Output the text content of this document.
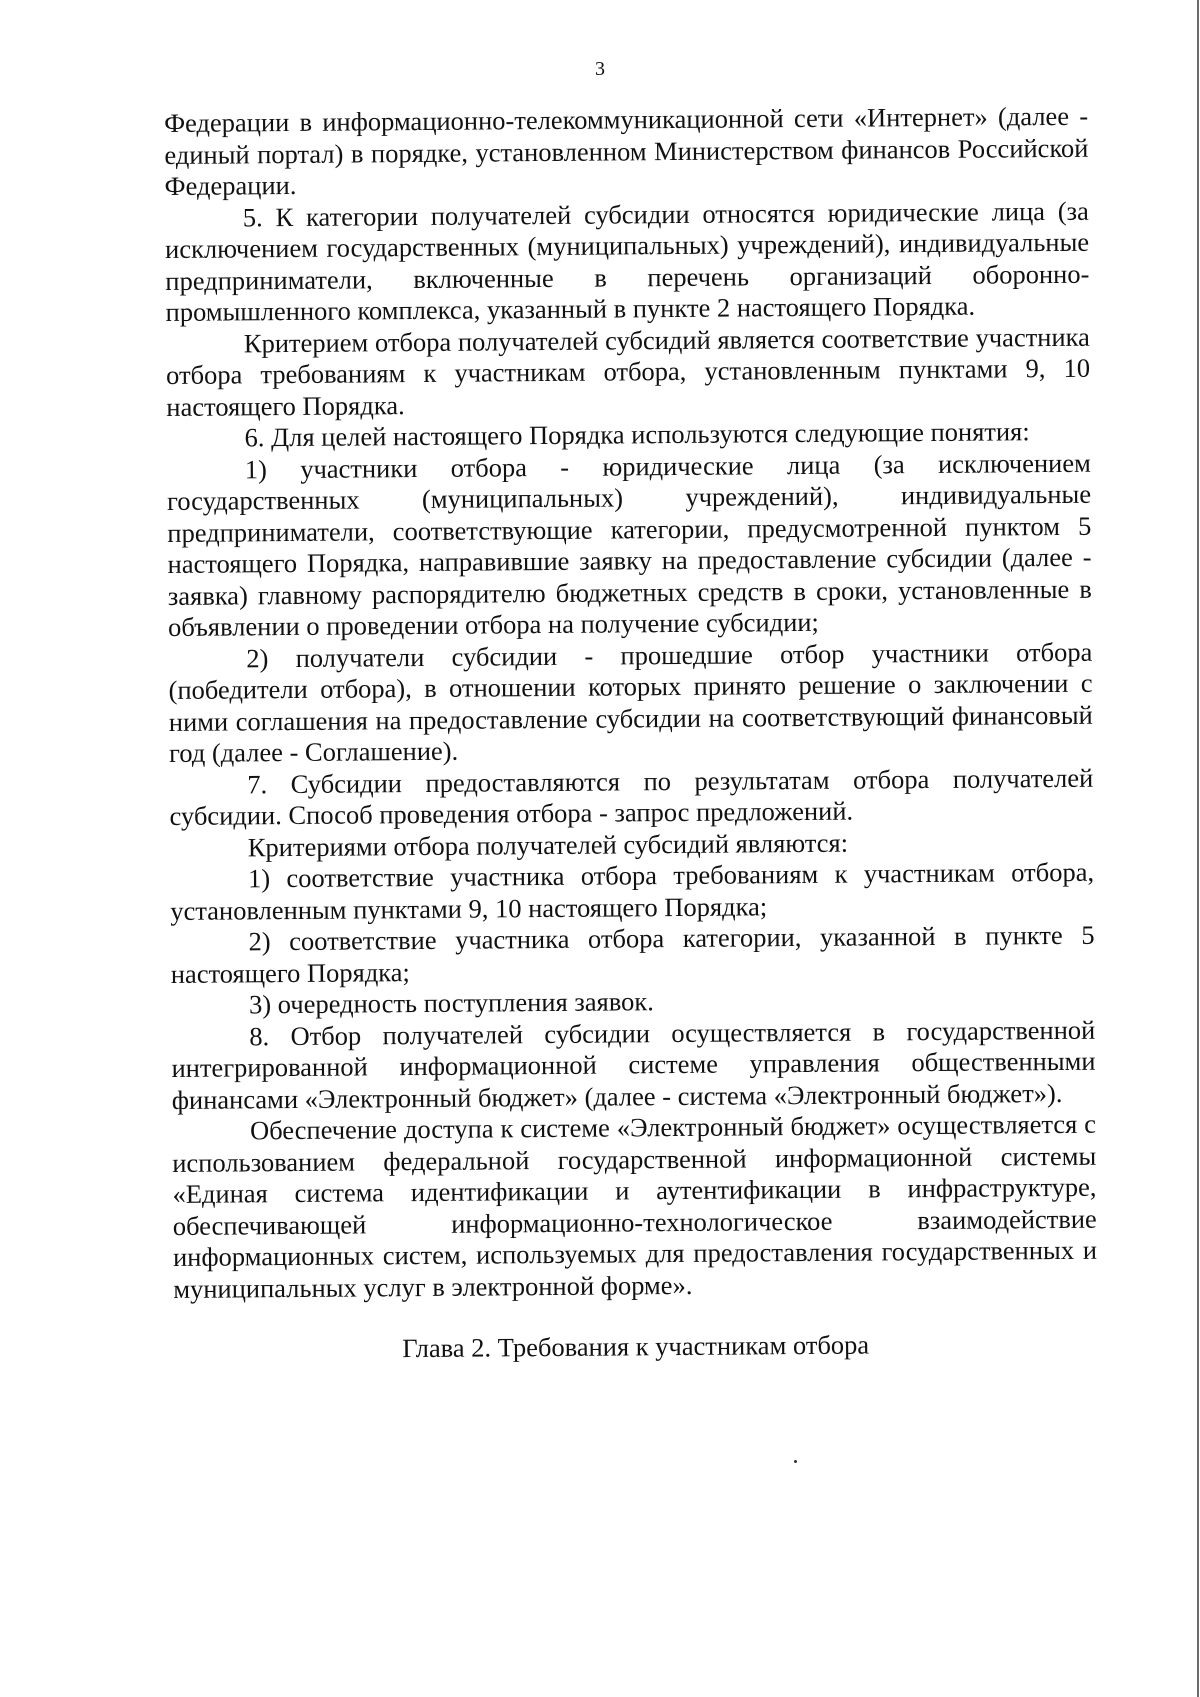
3

Федерации в информационно-телекоммуникационной сети «Интернет» (далее - единый портал) в порядке, установленном Министерством финансов Российской Федерации.

5. К категории получателей субсидии относятся юридические лица (за исключением государственных (муниципальных) учреждений), индивидуальные предприниматели, включенные в перечень организаций оборонно-промышленного комплекса, указанный в пункте 2 настоящего Порядка.

Критерием отбора получателей субсидий является соответствие участника отбора требованиям к участникам отбора, установленным пунктами 9, 10 настоящего Порядка.

6. Для целей настоящего Порядка используются следующие понятия:

1) участники отбора - юридические лица (за исключением государственных (муниципальных) учреждений), индивидуальные предприниматели, соответствующие категории, предусмотренной пунктом 5 настоящего Порядка, направившие заявку на предоставление субсидии (далее - заявка) главному распорядителю бюджетных средств в сроки, установленные в объявлении о проведении отбора на получение субсидии;

2) получатели субсидии - прошедшие отбор участники отбора (победители отбора), в отношении которых принято решение о заключении с ними соглашения на предоставление субсидии на соответствующий финансовый год (далее - Соглашение).

7. Субсидии предоставляются по результатам отбора получателей субсидии. Способ проведения отбора - запрос предложений.

Критериями отбора получателей субсидий являются:

1) соответствие участника отбора требованиям к участникам отбора, установленным пунктами 9, 10 настоящего Порядка;

2) соответствие участника отбора категории, указанной в пункте 5 настоящего Порядка;

3) очередность поступления заявок.

8. Отбор получателей субсидии осуществляется в государственной интегрированной информационной системе управления общественными финансами «Электронный бюджет» (далее - система «Электронный бюджет»).

Обеспечение доступа к системе «Электронный бюджет» осуществляется с использованием федеральной государственной информационной системы «Единая система идентификации и аутентификации в инфраструктуре, обеспечивающей информационно-технологическое взаимодействие информационных систем, используемых для предоставления государственных и муниципальных услуг в электронной форме».

Глава 2. Требования к участникам отбора
